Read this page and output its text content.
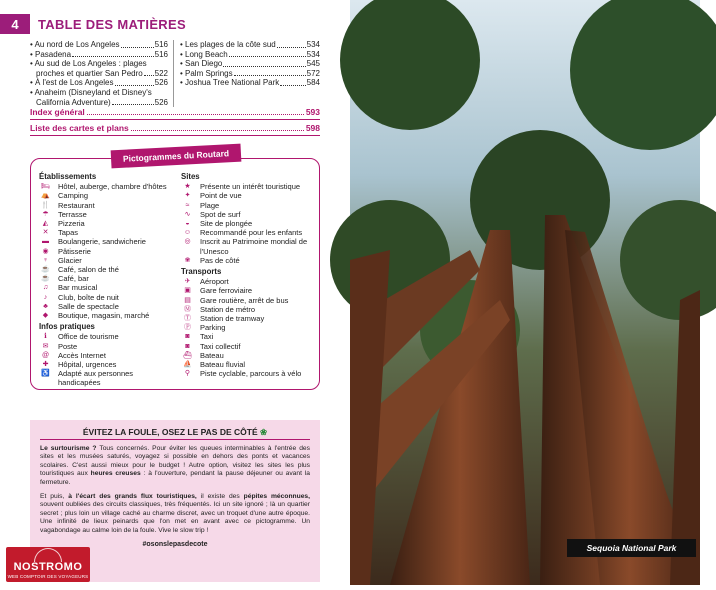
4	TABLE DES MATIÈRES
• Au nord de Los Angeles	516
• Pasadena	516
• Au sud de Los Angeles : plages
proches et quartier San Pedro 522
• À l'est de Los Angeles	526
• Anaheim (Disneyland et Disney's
California Adventure)	526
• Les plages de la côte sud	534
• Long Beach	534
• San Diego	545
• Palm Springs	572
• Joshua Tree National Park	584
Index général	593
Liste des cartes et plans	598
Pictogrammes du Routard
Établissements
🛏	Hôtel, auberge, chambre d'hôtes
⛺	Camping
🍴	Restaurant
☂	Terrasse
◭	Pizzeria
✕	Tapas
▬	Boulangerie, sandwicherie
◉	Pâtisserie
♆	Glacier
☕	Café, salon de thé
☕	Café, bar
♫	Bar musical
♪	Club, boîte de nuit
♣	Salle de spectacle
◆	Boutique, magasin, marché
Infos pratiques
ℹ	Office de tourisme
✉	Poste
@	Accès Internet
✚	Hôpital, urgences
♿	Adapté aux personnes handicapées
Sites
★	Présente un intérêt touristique
✦	Point de vue
≈	Plage
∿	Spot de surf
◒	Site de plongée
☺	Recommandé pour les enfants
◎	Inscrit au Patrimoine mondial de l'Unesco
❀	Pas de côté
Transports
✈	Aéroport
▣	Gare ferroviaire
▤	Gare routière, arrêt de bus
Ⓜ	Station de métro
Ⓣ	Station de tramway
Ⓟ	Parking
◙	Taxi
◙	Taxi collectif
⛴	Bateau
⛵	Bateau fluvial
⚲	Piste cyclable, parcours à vélo
ÉVITEZ LA FOULE, OSEZ LE PAS DE CÔTÉ ❀

Le surtourisme ? Tous concernés. Pour éviter les queues interminables à l'entrée des sites et les musées saturés, voyagez si possible en dehors des ponts et vacances scolaires. C'est aussi mieux pour le budget ! Autre option, visitez les sites les plus touristiques aux heures creuses : à l'ouverture, pendant la pause déjeuner ou avant la fermeture.

Et puis, à l'écart des grands flux touristiques, il existe des pépites méconnues, souvent oubliées des circuits classiques, très fréquentés. Ici un site ignoré ; là un quartier secret ; plus loin un village caché au charme discret, avec un troquet d'une autre époque. Une infinité de lieux peinards que l'on met en avant avec ce pictogramme. Un vagabondage au calme loin de la foule. Vive le slow trip !

#osonslepasdecote
NOSTROMO
WEB COMPTOIR DES VOYAGEURS
© imagebroker/hemis.fr
Sequoia National Park
